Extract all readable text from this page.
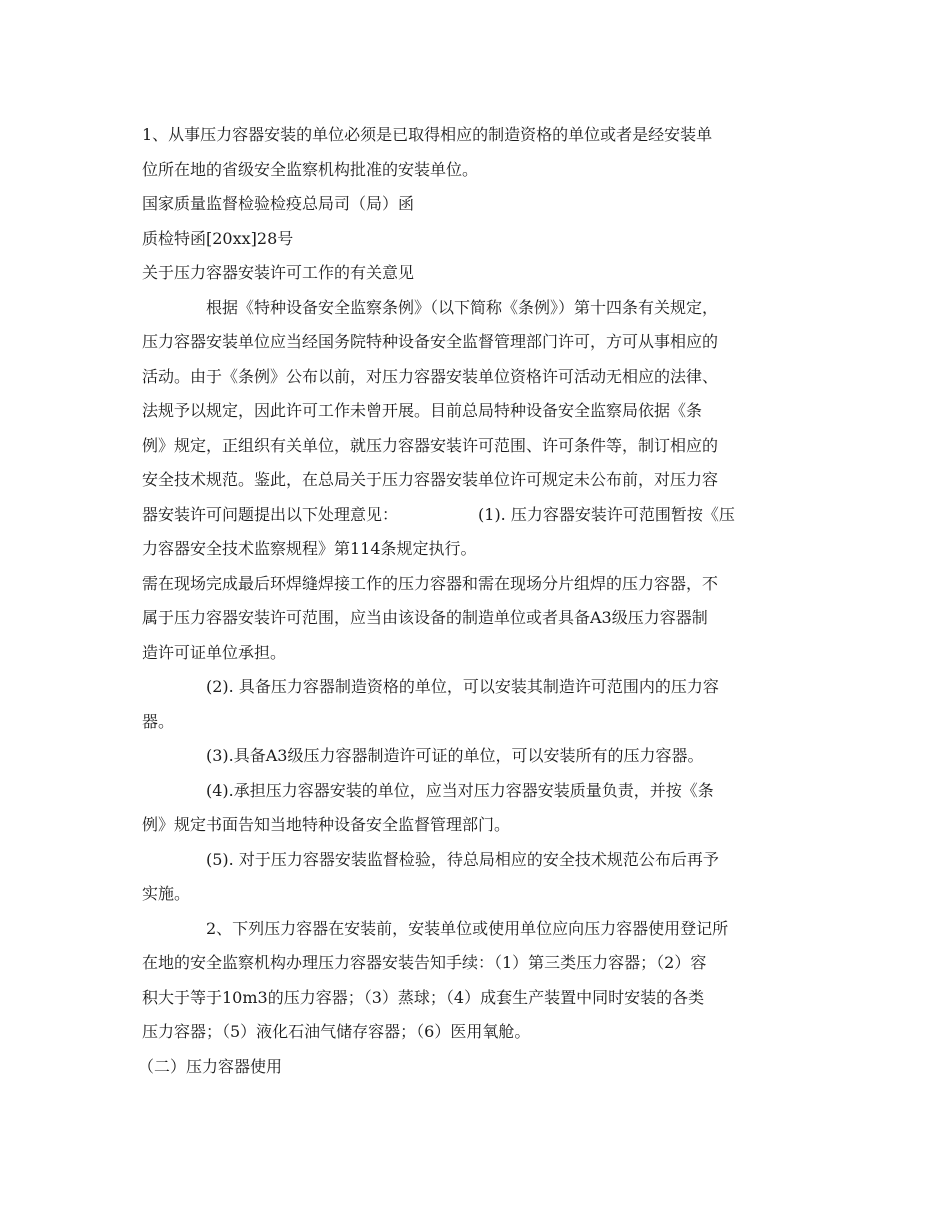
1、从事压力容器安装的单位必须是已取得相应的制造资格的单位或者是经安装单
位所在地的省级安全监察机构批准的安装单位。
国家质量监督检验检疫总局司（局）函
质检特函[20xx]28号
关于压力容器安装许可工作的有关意见
根据《特种设备安全监察条例》（以下简称《条例》）第十四条有关规定，
压力容器安装单位应当经国务院特种设备安全监督管理部门许可，方可从事相应的
活动。由于《条例》公布以前，对压力容器安装单位资格许可活动无相应的法律、
法规予以规定，因此许可工作未曾开展。目前总局特种设备安全监察局依据《条
例》规定，正组织有关单位，就压力容器安装许可范围、许可条件等，制订相应的
安全技术规范。鉴此，在总局关于压力容器安装单位许可规定未公布前，对压力容
器安装许可问题提出以下处理意见：	(1). 压力容器安装许可范围暂按《压
力容器安全技术监察规程》第114条规定执行。
需在现场完成最后环焊缝焊接工作的压力容器和需在现场分片组焊的压力容器，不
属于压力容器安装许可范围，应当由该设备的制造单位或者具备A3级压力容器制
造许可证单位承担。
(2). 具备压力容器制造资格的单位，可以安装其制造许可范围内的压力容
器。
(3).具备A3级压力容器制造许可证的单位，可以安装所有的压力容器。
(4).承担压力容器安装的单位，应当对压力容器安装质量负责，并按《条
例》规定书面告知当地特种设备安全监督管理部门。
(5). 对于压力容器安装监督检验，待总局相应的安全技术规范公布后再予
实施。
2、下列压力容器在安装前，安装单位或使用单位应向压力容器使用登记所
在地的安全监察机构办理压力容器安装告知手续：（1）第三类压力容器；（2）容
积大于等于10m3的压力容器；（3）蒸球；（4）成套生产装置中同时安装的各类
压力容器；（5）液化石油气储存容器；（6）医用氧舱。
（二）压力容器使用
